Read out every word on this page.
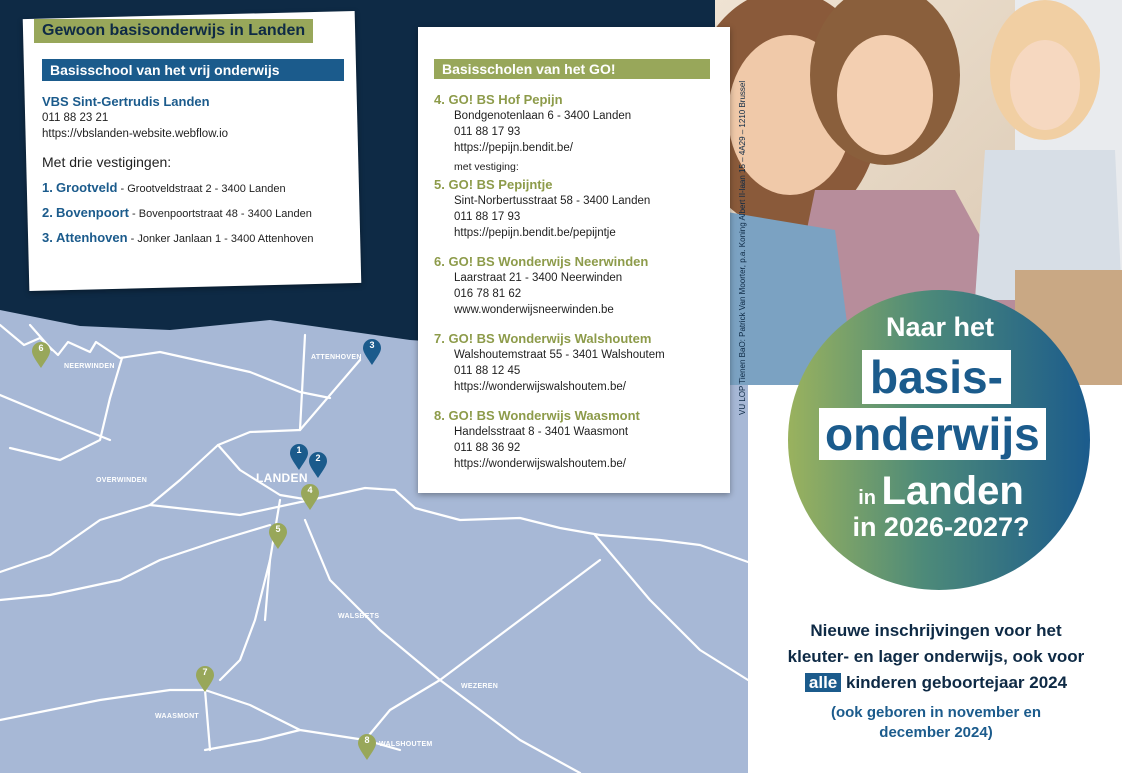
Gewoon basisonderwijs in Landen
Basisschool van het vrij onderwijs
VBS Sint-Gertrudis Landen
011 88 23 21
https://vbslanden-website.webflow.io
Met drie vestigingen:
1. Grootveld - Grootveldstraat 2 - 3400 Landen
2. Bovenpoort - Bovenpoortstraat 48 - 3400 Landen
3. Attenhoven - Jonker Janlaan 1 - 3400 Attenhoven
Basisscholen van het GO!
4. GO! BS Hof Pepijn
Bondgenotenlaan 6 - 3400 Landen
011 88 17 93
https://pepijn.bendit.be/
met vestiging:
5. GO! BS Pepijntje
Sint-Norbertusstraat 58 - 3400 Landen
011 88 17 93
https://pepijn.bendit.be/pepijntje
6. GO! BS Wonderwijs Neerwinden
Laarstraat 21 - 3400 Neerwinden
016 78 81 62
www.wonderwijsneerwinden.be
7. GO! BS Wonderwijs Walshoutem
Walshoutemstraat 55 - 3401 Walshoutem
011 88 12 45
https://wonderwijswalshoutem.be/
8. GO! BS Wonderwijs Waasmont
Handelsstraat 8 - 3401 Waasmont
011 88 36 92
https://wonderwijswalshoutem.be/
NEERWINDEN
ATTENHOVEN
OVERWINDEN	LANDEN
WALSBETS
WEZEREN
WAASMONT
WALSHOUTEM
1
2
3
4
5
6
7
8
VU LOP Tienen BaO: Patrick Van Moorter, p.a. Koning Albert II-laan 15 – 4A29 – 1210 Brussel	Naar het
basis-
onderwijs
in Landen
in 2026-2027?
Nieuwe inschrijvingen voor het
kleuter- en lager onderwijs, ook voor
alle kinderen geboortejaar 2024
(ook geboren in november en
december 2024)
